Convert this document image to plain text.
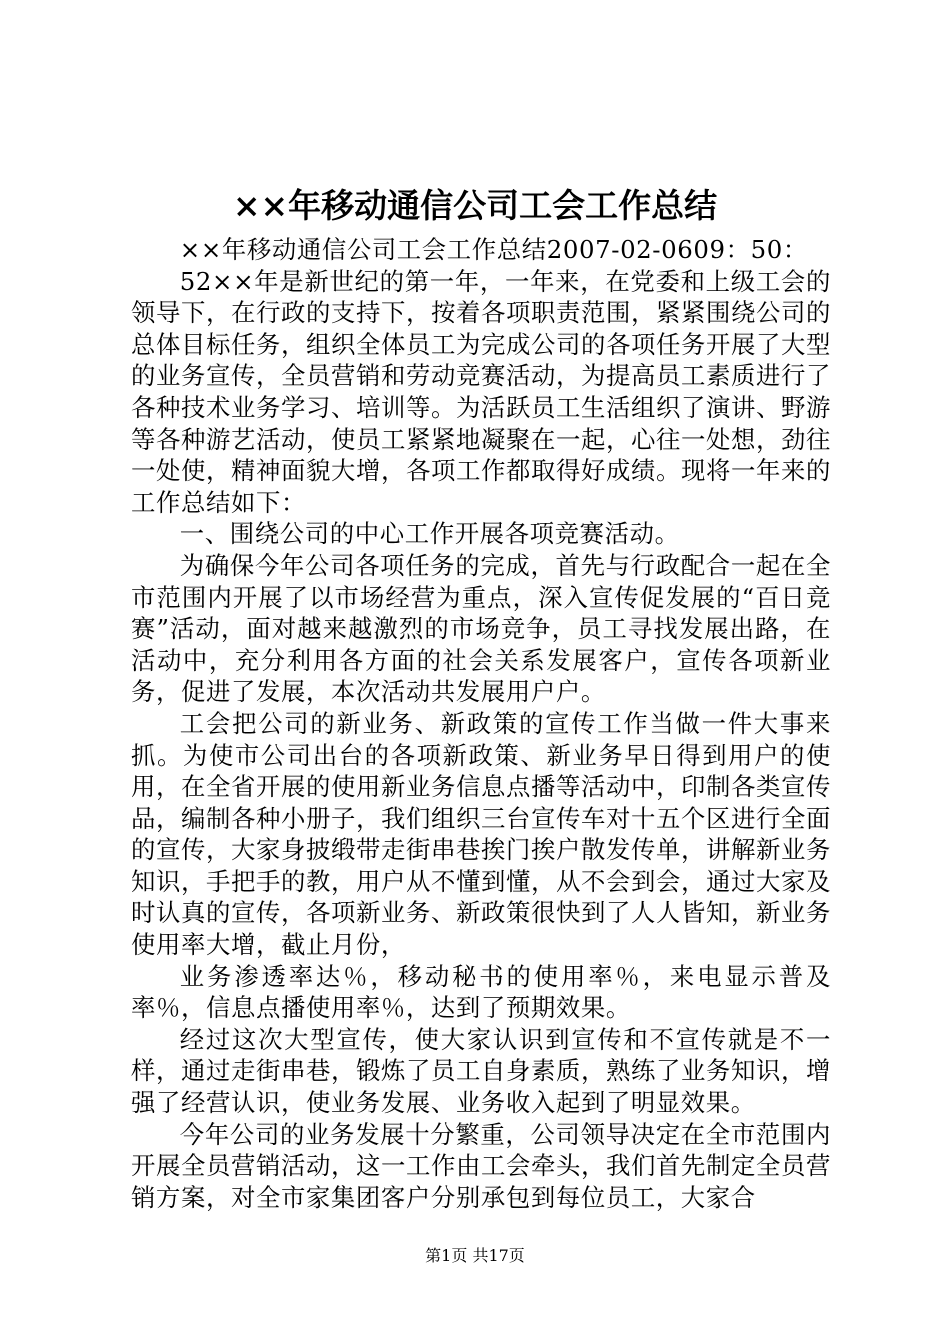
××年移动通信公司工会工作总结

××年移动通信公司工会工作总结2007-02-0609：50：

52××年是新世纪的第一年，一年来，在党委和上级工会的领导下，在行政的支持下，按着各项职责范围，紧紧围绕公司的总体目标任务，组织全体员工为完成公司的各项任务开展了大型的业务宣传，全员营销和劳动竞赛活动，为提高员工素质进行了各种技术业务学习、培训等。为活跃员工生活组织了演讲、野游等各种游艺活动，使员工紧紧地凝聚在一起，心往一处想，劲往一处使，精神面貌大增，各项工作都取得好成绩。现将一年来的工作总结如下：

一、围绕公司的中心工作开展各项竞赛活动。

为确保今年公司各项任务的完成，首先与行政配合一起在全市范围内开展了以市场经营为重点，深入宣传促发展的“百日竞赛”活动，面对越来越激烈的市场竞争，员工寻找发展出路，在活动中，充分利用各方面的社会关系发展客户，宣传各项新业务，促进了发展，本次活动共发展用户户。

工会把公司的新业务、新政策的宣传工作当做一件大事来抓。为使市公司出台的各项新政策、新业务早日得到用户的使用，在全省开展的使用新业务信息点播等活动中，印制各类宣传品，编制各种小册子，我们组织三台宣传车对十五个区进行全面的宣传，大家身披缎带走街串巷挨门挨户散发传单，讲解新业务知识，手把手的教，用户从不懂到懂，从不会到会，通过大家及时认真的宣传，各项新业务、新政策很快到了人人皆知，新业务使用率大增，截止月份，

业务渗透率达％，移动秘书的使用率％，来电显示普及率％，信息点播使用率％，达到了预期效果。

经过这次大型宣传，使大家认识到宣传和不宣传就是不一样，通过走街串巷，锻炼了员工自身素质，熟练了业务知识，增强了经营认识，使业务发展、业务收入起到了明显效果。

今年公司的业务发展十分繁重，公司领导决定在全市范围内开展全员营销活动，这一工作由工会牵头，我们首先制定全员营销方案，对全市家集团客户分别承包到每位员工，大家合

第1页 共17页
